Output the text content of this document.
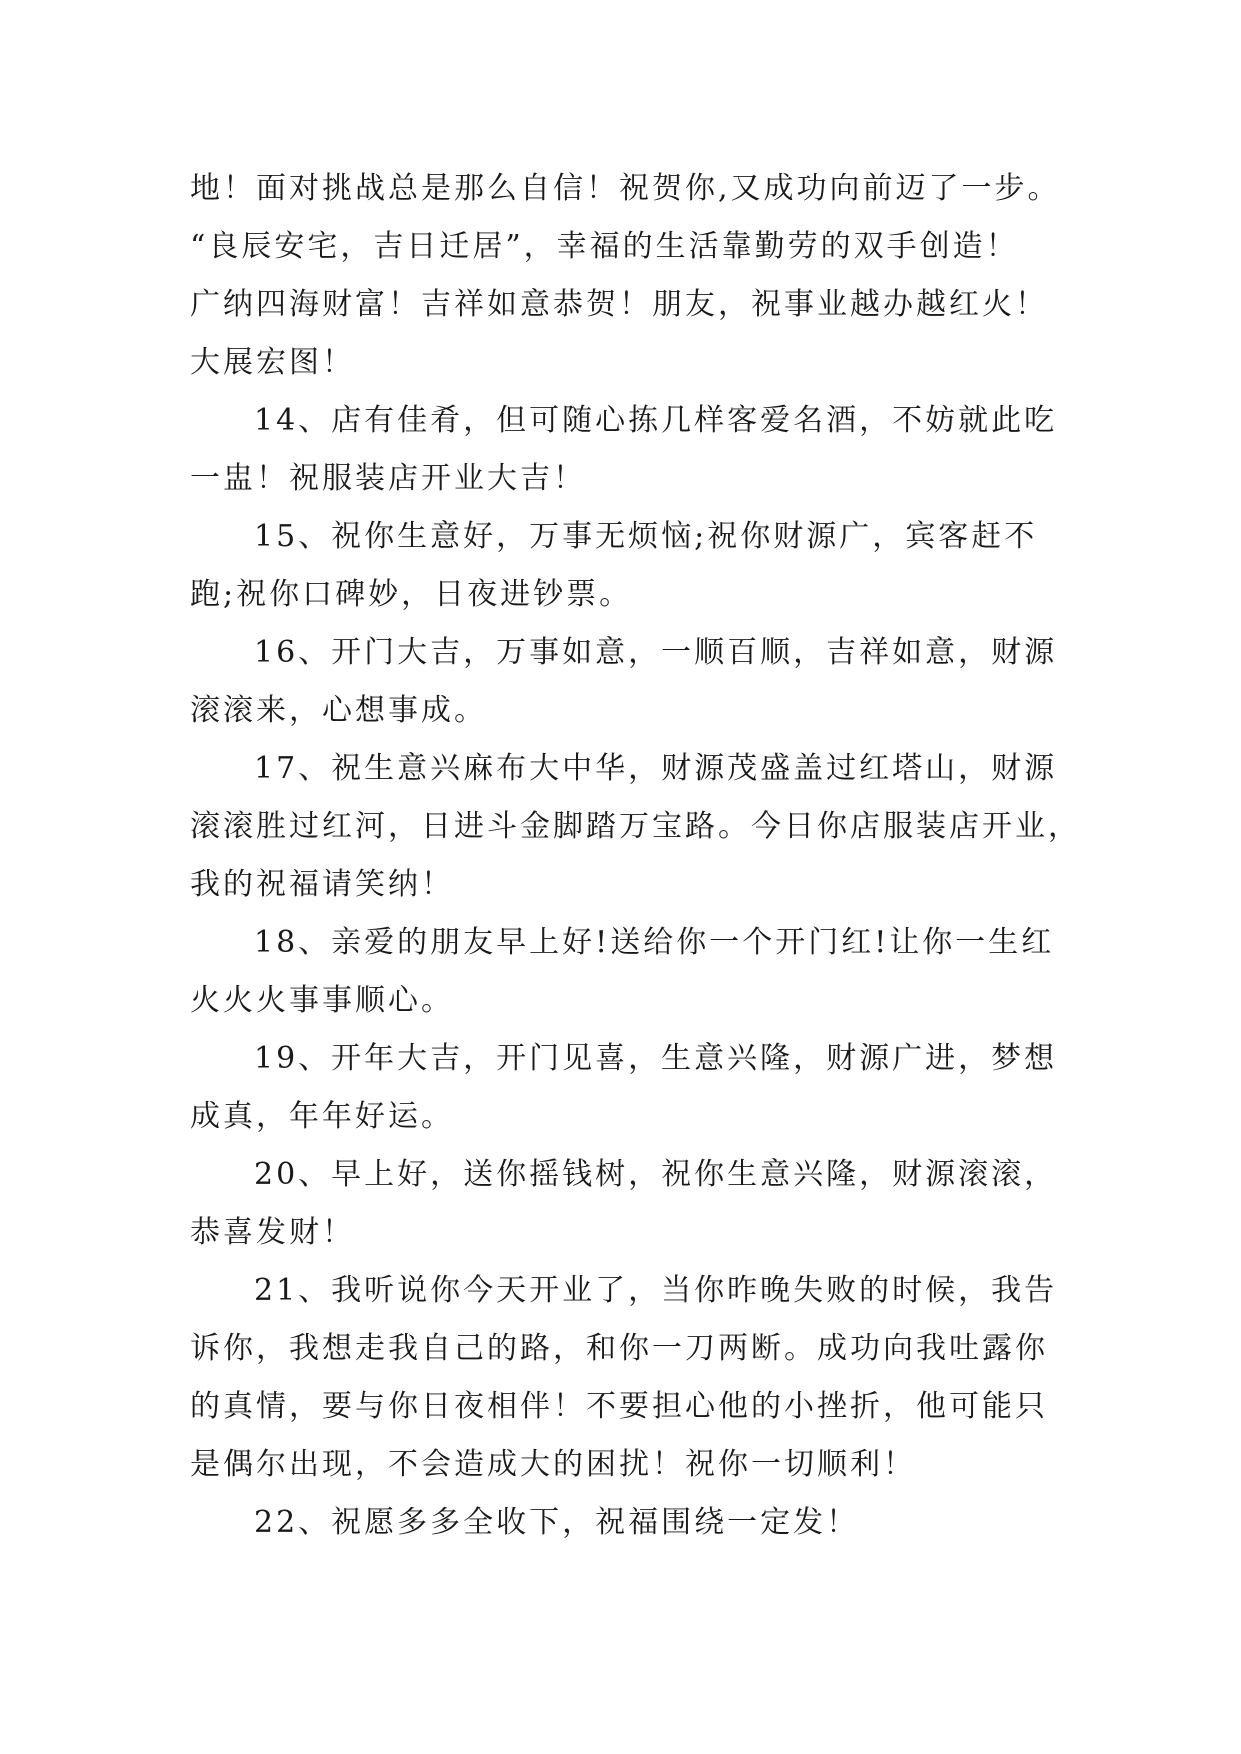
地！面对挑战总是那么自信！祝贺你,又成功向前迈了一步。
“良辰安宅，吉日迁居”，幸福的生活靠勤劳的双手创造！
广纳四海财富！吉祥如意恭贺！朋友，祝事业越办越红火！
大展宏图！
14、店有佳肴，但可随心拣几样客爱名酒，不妨就此吃
一盅！祝服装店开业大吉！
15、祝你生意好，万事无烦恼;祝你财源广，宾客赶不
跑;祝你口碑妙，日夜进钞票。
16、开门大吉，万事如意，一顺百顺，吉祥如意，财源
滚滚来，心想事成。
17、祝生意兴麻布大中华，财源茂盛盖过红塔山，财源
滚滚胜过红河，日进斗金脚踏万宝路。今日你店服装店开业，
我的祝福请笑纳！
18、亲爱的朋友早上好!送给你一个开门红!让你一生红
火火火事事顺心。
19、开年大吉，开门见喜，生意兴隆，财源广进，梦想
成真，年年好运。
20、早上好，送你摇钱树，祝你生意兴隆，财源滚滚，
恭喜发财！
21、我听说你今天开业了，当你昨晚失败的时候，我告
诉你，我想走我自己的路，和你一刀两断。成功向我吐露你
的真情，要与你日夜相伴！不要担心他的小挫折，他可能只
是偶尔出现，不会造成大的困扰！祝你一切顺利！
22、祝愿多多全收下，祝福围绕一定发！
